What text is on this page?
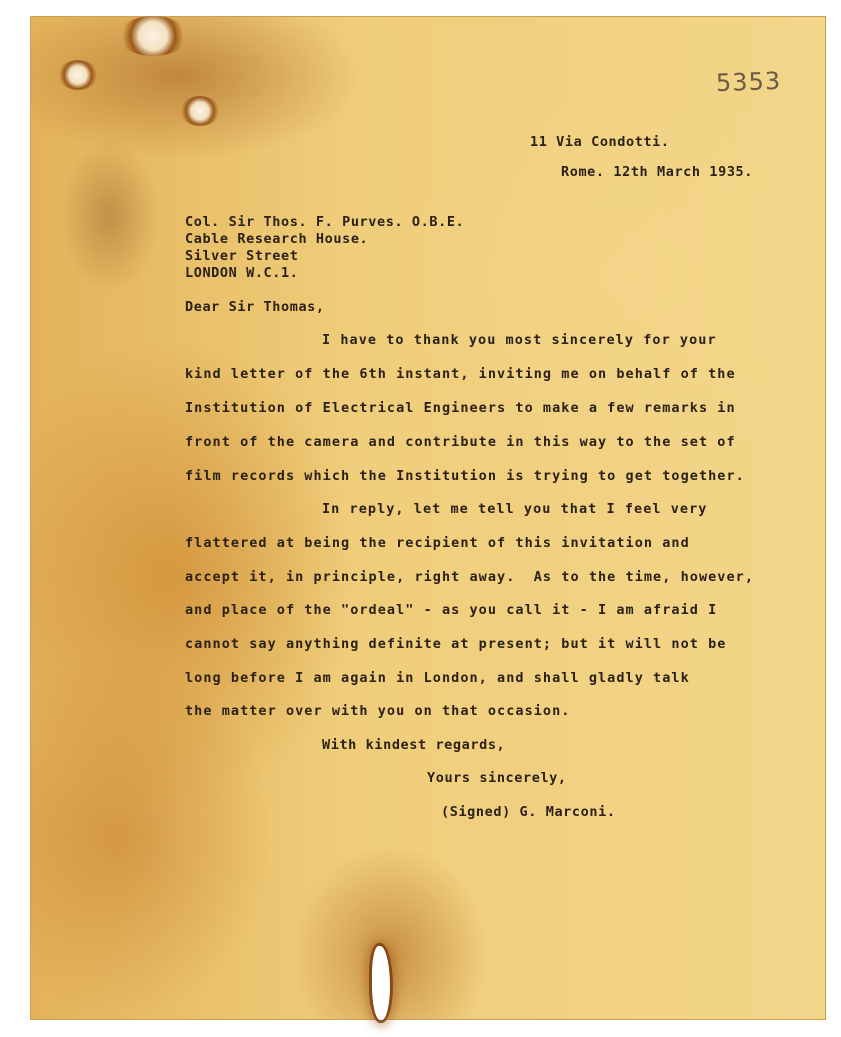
5353
11 Via Condotti.
Rome. 12th March 1935.
Col. Sir Thos. F. Purves. O.B.E.
Cable Research House.
Silver Street
LONDON W.C.1.
Dear Sir Thomas,
I have to thank you most sincerely for your
kind letter of the 6th instant, inviting me on behalf of the
Institution of Electrical Engineers to make a few remarks in
front of the camera and contribute in this way to the set of
film records which the Institution is trying to get together.
In reply, let me tell you that I feel very
flattered at being the recipient of this invitation and
accept it, in principle, right away.  As to the time, however,
and place of the "ordeal" - as you call it - I am afraid I
cannot say anything definite at present; but it will not be
long before I am again in London, and shall gladly talk
the matter over with you on that occasion.
With kindest regards,
Yours sincerely,
(Signed) G. Marconi.
